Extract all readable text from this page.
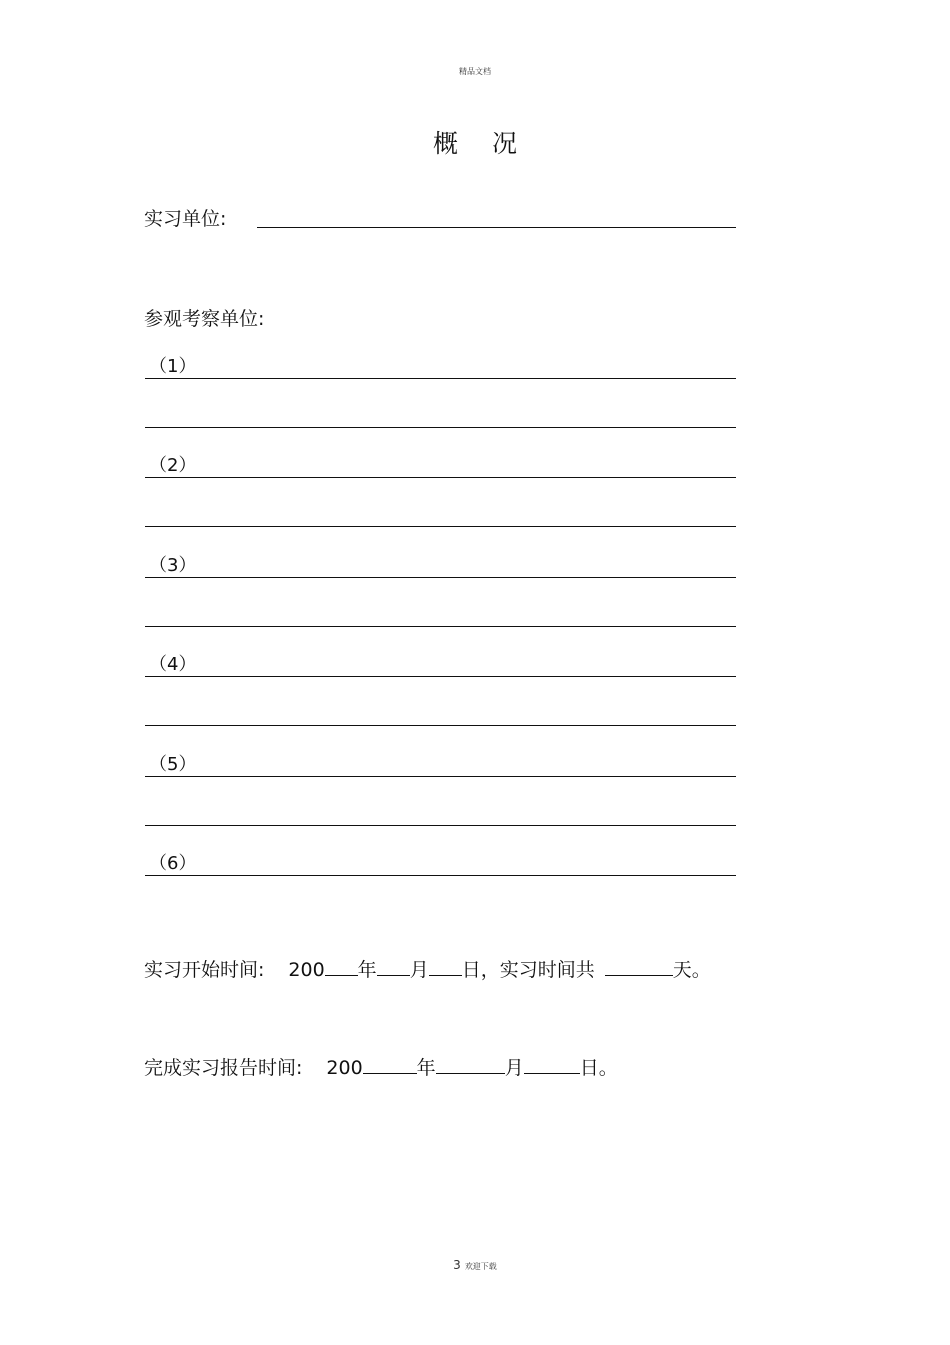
精品文档
概 况
实习单位:
参观考察单位:
（1）
（2）
（3）
（4）
（5）
（6）
实习开始时间: 200 年 月 日，实习时间共	天。
完成实习报告时间: 200	年	月	日。
3 欢迎下载
